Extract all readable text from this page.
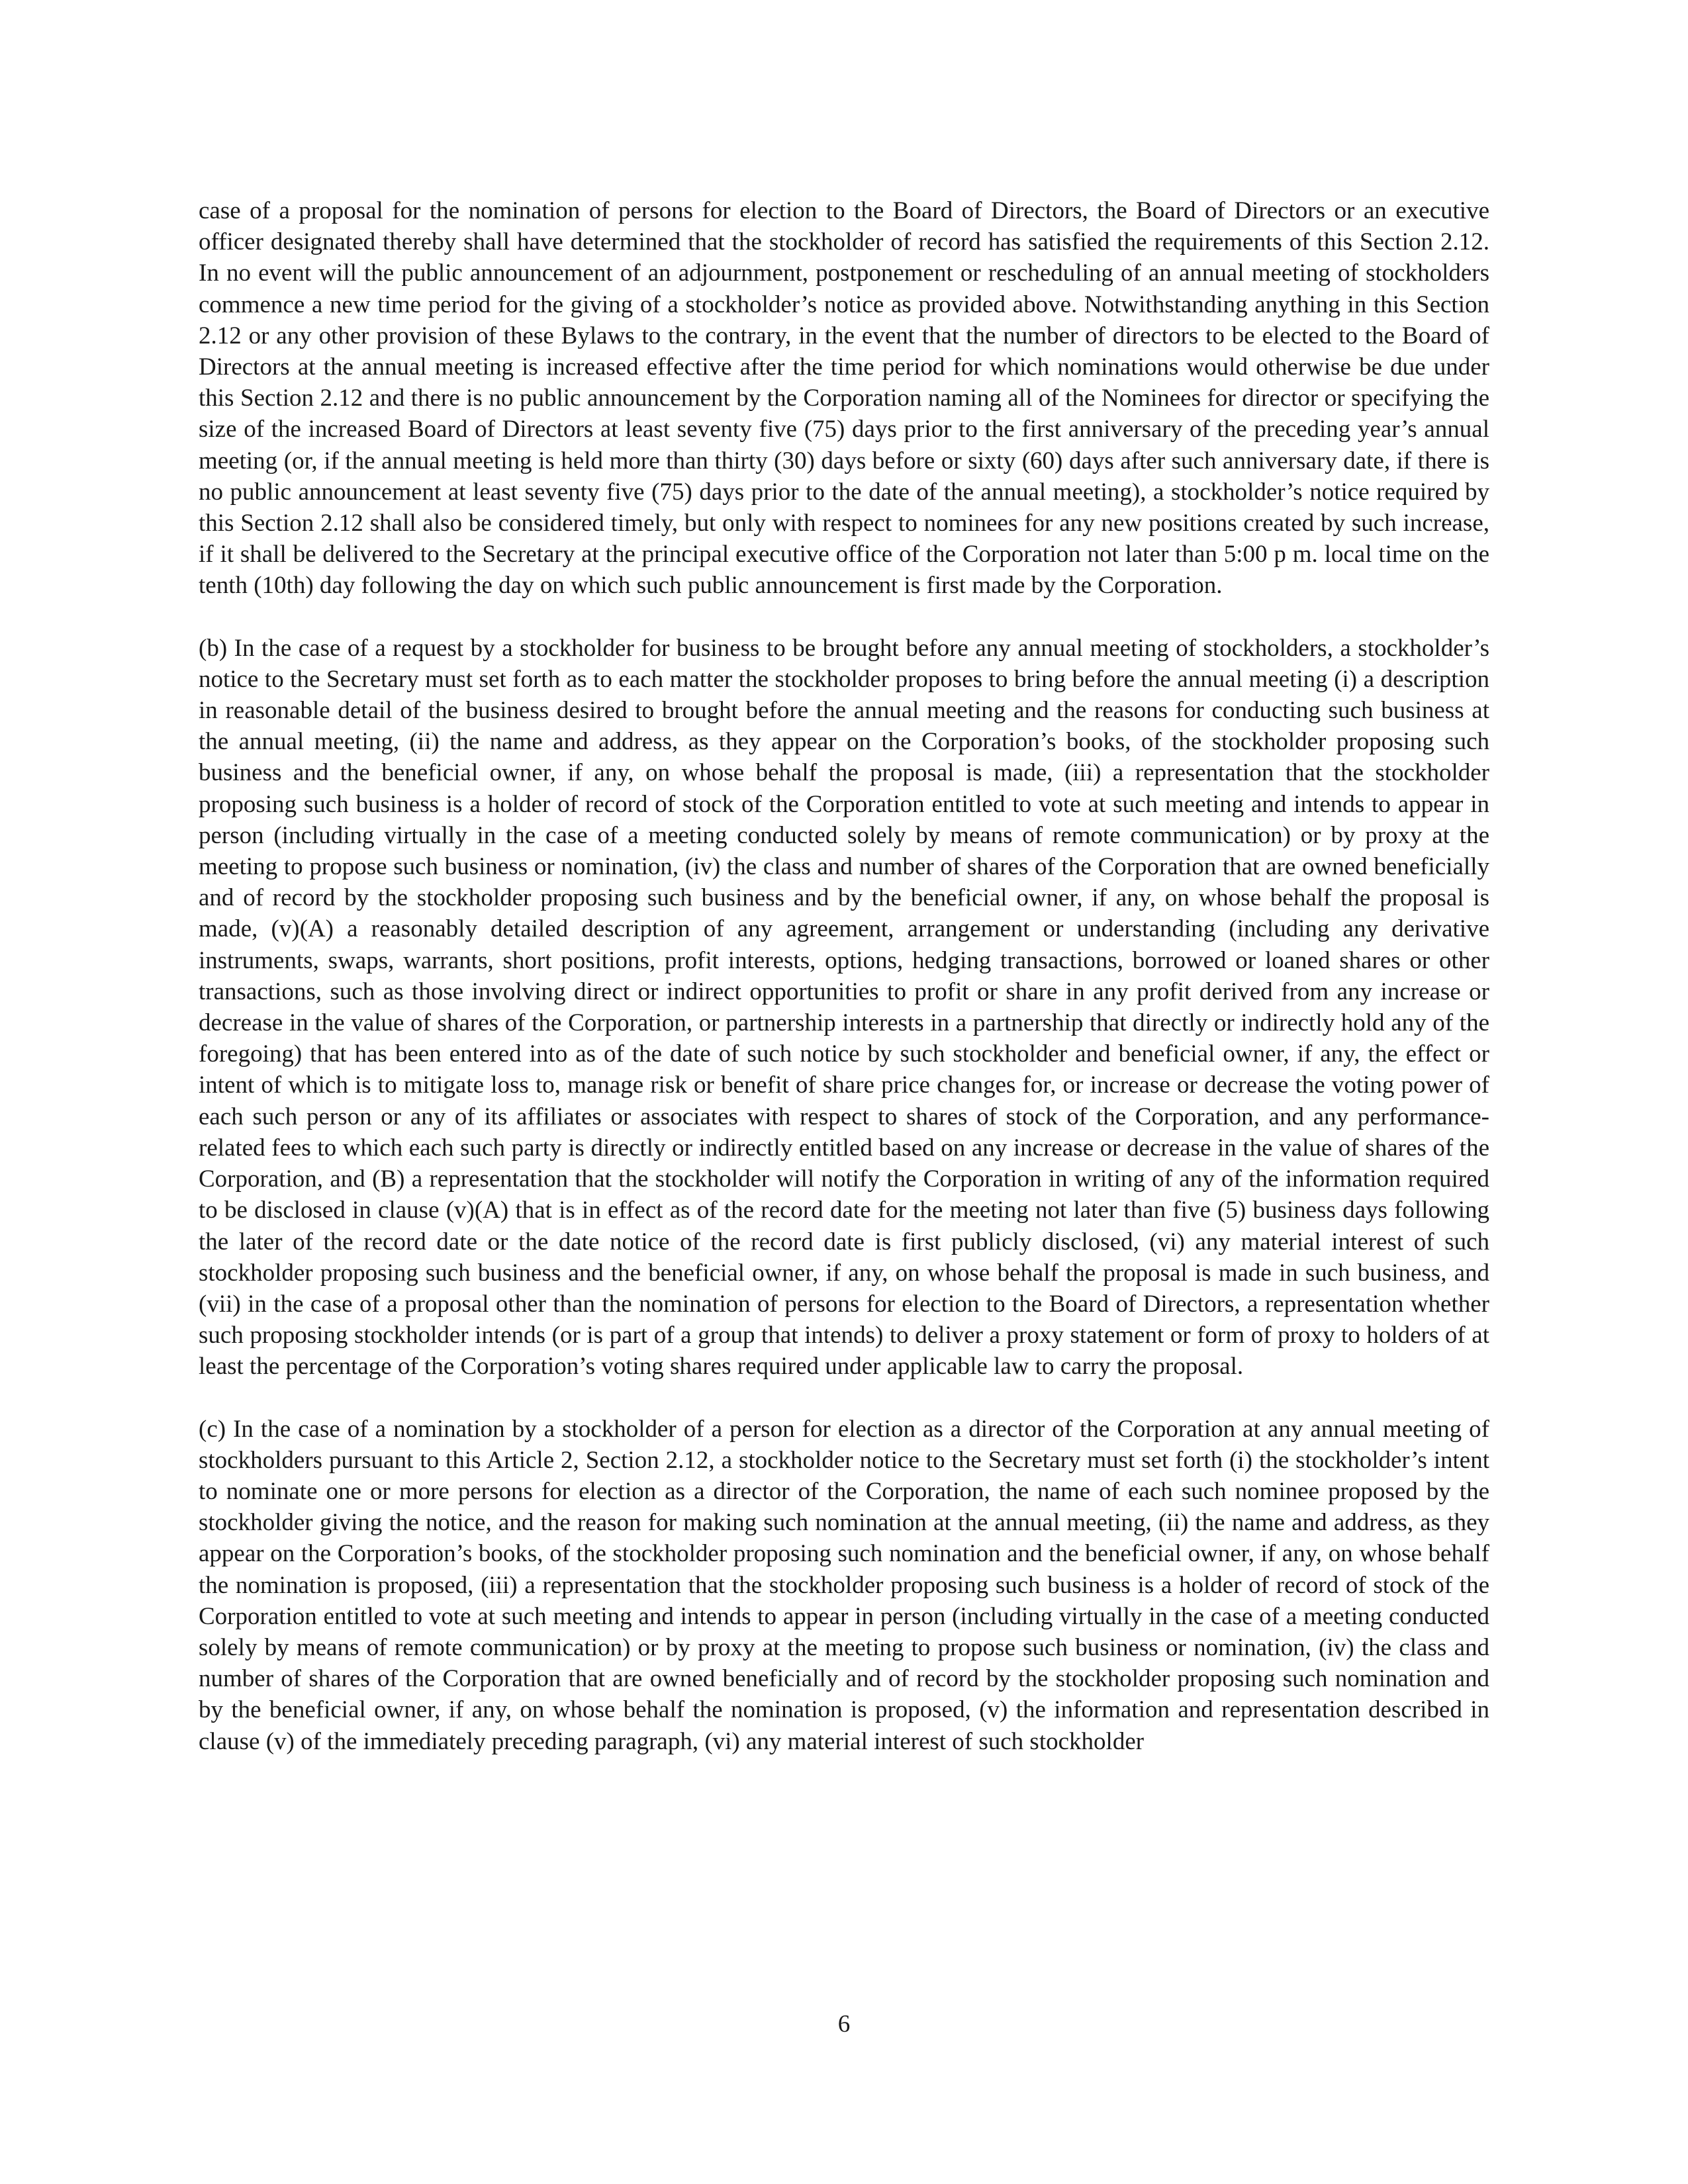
case of a proposal for the nomination of persons for election to the Board of Directors, the Board of Directors or an executive officer designated thereby shall have determined that the stockholder of record has satisfied the requirements of this Section 2.12. In no event will the public announcement of an adjournment, postponement or rescheduling of an annual meeting of stockholders commence a new time period for the giving of a stockholder’s notice as provided above. Notwithstanding anything in this Section 2.12 or any other provision of these Bylaws to the contrary, in the event that the number of directors to be elected to the Board of Directors at the annual meeting is increased effective after the time period for which nominations would otherwise be due under this Section 2.12 and there is no public announcement by the Corporation naming all of the Nominees for director or specifying the size of the increased Board of Directors at least seventy five (75) days prior to the first anniversary of the preceding year’s annual meeting (or, if the annual meeting is held more than thirty (30) days before or sixty (60) days after such anniversary date, if there is no public announcement at least seventy five (75) days prior to the date of the annual meeting), a stockholder’s notice required by this Section 2.12 shall also be considered timely, but only with respect to nominees for any new positions created by such increase, if it shall be delivered to the Secretary at the principal executive office of the Corporation not later than 5:00 p m. local time on the tenth (10th) day following the day on which such public announcement is first made by the Corporation.

(b) In the case of a request by a stockholder for business to be brought before any annual meeting of stockholders, a stockholder’s notice to the Secretary must set forth as to each matter the stockholder proposes to bring before the annual meeting (i) a description in reasonable detail of the business desired to brought before the annual meeting and the reasons for conducting such business at the annual meeting, (ii) the name and address, as they appear on the Corporation’s books, of the stockholder proposing such business and the beneficial owner, if any, on whose behalf the proposal is made, (iii) a representation that the stockholder proposing such business is a holder of record of stock of the Corporation entitled to vote at such meeting and intends to appear in person (including virtually in the case of a meeting conducted solely by means of remote communication) or by proxy at the meeting to propose such business or nomination, (iv) the class and number of shares of the Corporation that are owned beneficially and of record by the stockholder proposing such business and by the beneficial owner, if any, on whose behalf the proposal is made, (v)(A) a reasonably detailed description of any agreement, arrangement or understanding (including any derivative instruments, swaps, warrants, short positions, profit interests, options, hedging transactions, borrowed or loaned shares or other transactions, such as those involving direct or indirect opportunities to profit or share in any profit derived from any increase or decrease in the value of shares of the Corporation, or partnership interests in a partnership that directly or indirectly hold any of the foregoing) that has been entered into as of the date of such notice by such stockholder and beneficial owner, if any, the effect or intent of which is to mitigate loss to, manage risk or benefit of share price changes for, or increase or decrease the voting power of each such person or any of its affiliates or associates with respect to shares of stock of the Corporation, and any performance-related fees to which each such party is directly or indirectly entitled based on any increase or decrease in the value of shares of the Corporation, and (B) a representation that the stockholder will notify the Corporation in writing of any of the information required to be disclosed in clause (v)(A) that is in effect as of the record date for the meeting not later than five (5) business days following the later of the record date or the date notice of the record date is first publicly disclosed, (vi) any material interest of such stockholder proposing such business and the beneficial owner, if any, on whose behalf the proposal is made in such business, and (vii) in the case of a proposal other than the nomination of persons for election to the Board of Directors, a representation whether such proposing stockholder intends (or is part of a group that intends) to deliver a proxy statement or form of proxy to holders of at least the percentage of the Corporation’s voting shares required under applicable law to carry the proposal.

(c) In the case of a nomination by a stockholder of a person for election as a director of the Corporation at any annual meeting of stockholders pursuant to this Article 2, Section 2.12, a stockholder notice to the Secretary must set forth (i) the stockholder’s intent to nominate one or more persons for election as a director of the Corporation, the name of each such nominee proposed by the stockholder giving the notice, and the reason for making such nomination at the annual meeting, (ii) the name and address, as they appear on the Corporation’s books, of the stockholder proposing such nomination and the beneficial owner, if any, on whose behalf the nomination is proposed, (iii) a representation that the stockholder proposing such business is a holder of record of stock of the Corporation entitled to vote at such meeting and intends to appear in person (including virtually in the case of a meeting conducted solely by means of remote communication) or by proxy at the meeting to propose such business or nomination, (iv) the class and number of shares of the Corporation that are owned beneficially and of record by the stockholder proposing such nomination and by the beneficial owner, if any, on whose behalf the nomination is proposed, (v) the information and representation described in clause (v) of the immediately preceding paragraph, (vi) any material interest of such stockholder

6
